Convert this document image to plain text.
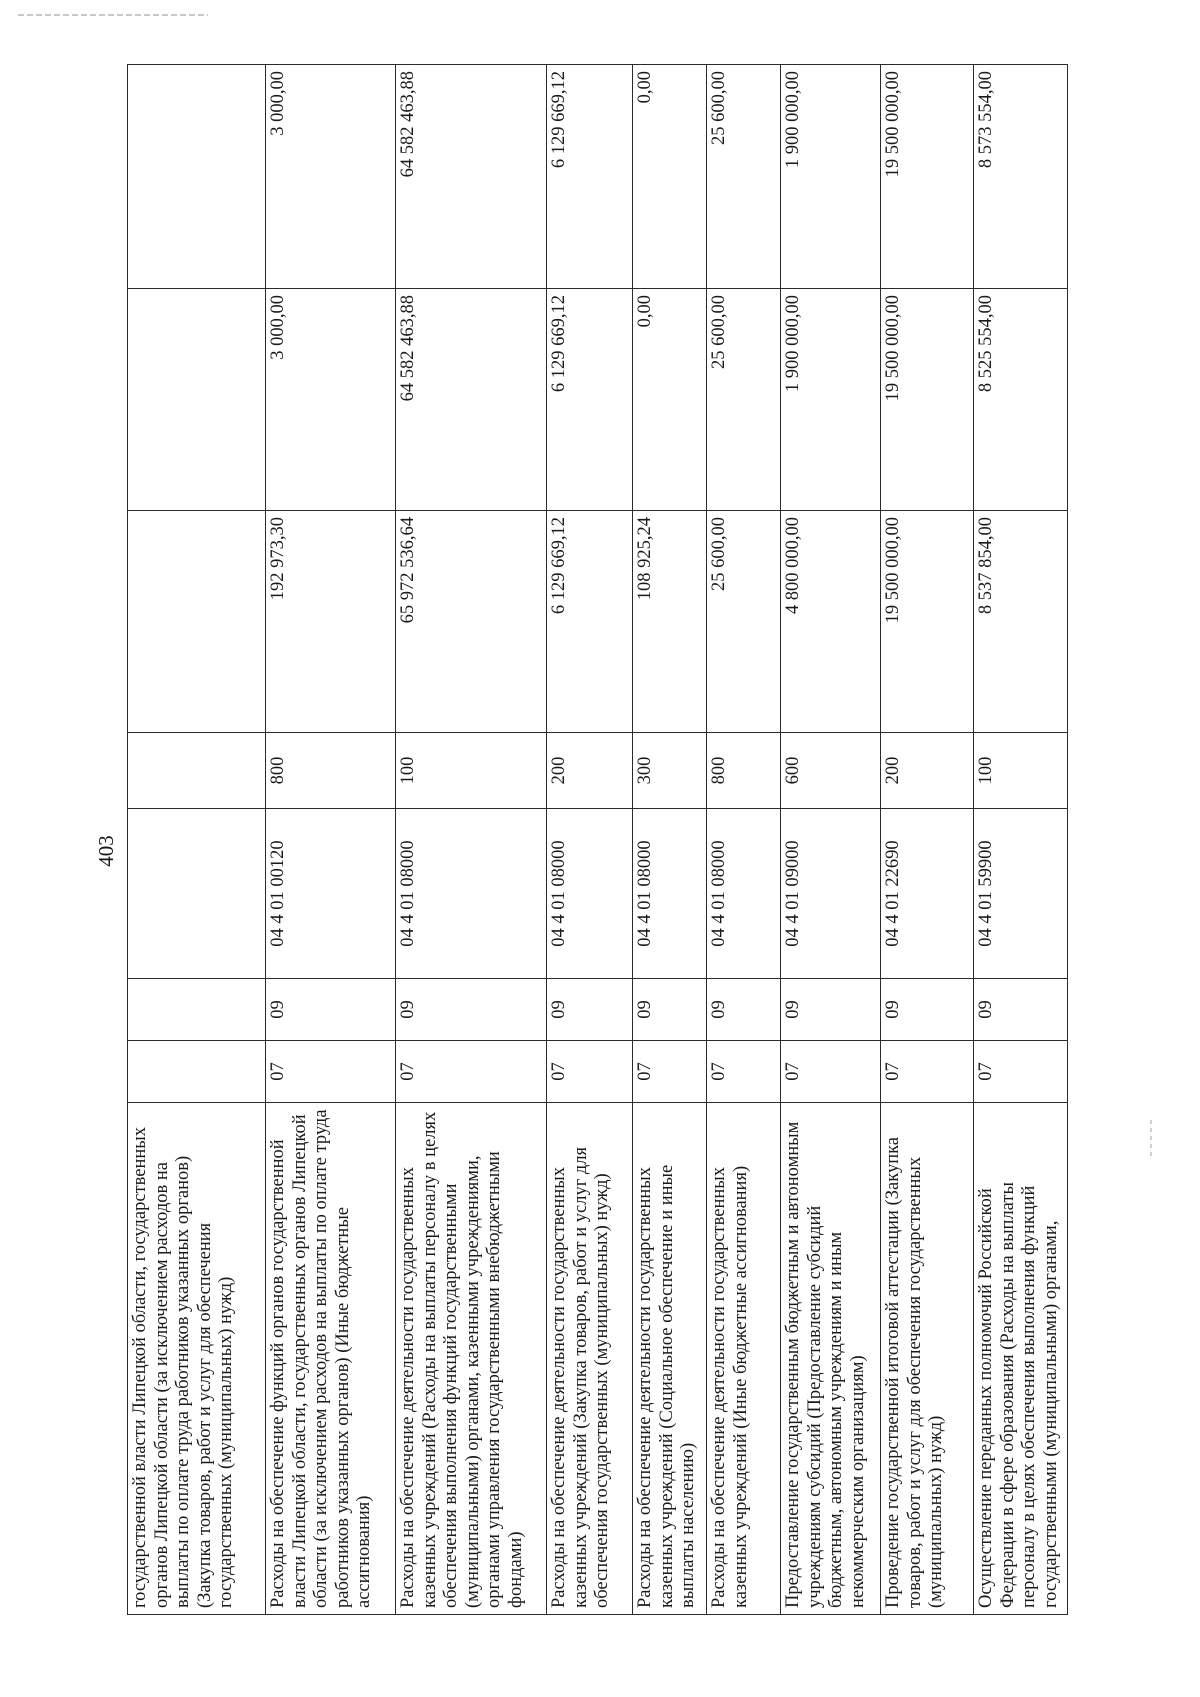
403
государственной власти Липецкой области, государственных органов Липецкой области (за исключением расходов на выплаты по оплате труда работников указанных органов) (Закупка товаров, работ и услуг для обеспечения государственных (муниципальных) нужд)							
Расходы на обеспечение функций органов государственной власти Липецкой области, государственных органов Липецкой области (за исключением расходов на выплаты по оплате труда работников указанных органов) (Иные бюджетные ассигнования)	07	09	04 4 01 00120	800	192 973,30	3 000,00	3 000,00
Расходы на обеспечение деятельности государственных казенных учреждений (Расходы на выплаты персоналу в целях обеспечения выполнения функций государственными (муниципальными) органами, казенными учреждениями, органами управления государственными внебюджетными фондами)	07	09	04 4 01 08000	100	65 972 536,64	64 582 463,88	64 582 463,88
Расходы на обеспечение деятельности государственных казенных учреждений (Закупка товаров, работ и услуг для обеспечения государственных (муниципальных) нужд)	07	09	04 4 01 08000	200	6 129 669,12	6 129 669,12	6 129 669,12
Расходы на обеспечение деятельности государственных казенных учреждений (Социальное обеспечение и иные выплаты населению)	07	09	04 4 01 08000	300	108 925,24	0,00	0,00
Расходы на обеспечение деятельности государственных казенных учреждений (Иные бюджетные ассигнования)	07	09	04 4 01 08000	800	25 600,00	25 600,00	25 600,00
Предоставление государственным бюджетным и автономным учреждениям субсидий (Предоставление субсидий бюджетным, автономным учреждениям и иным некоммерческим организациям)	07	09	04 4 01 09000	600	4 800 000,00	1 900 000,00	1 900 000,00
Проведение государственной итоговой аттестации (Закупка товаров, работ и услуг для обеспечения государственных (муниципальных) нужд)	07	09	04 4 01 22690	200	19 500 000,00	19 500 000,00	19 500 000,00
Осуществление переданных полномочий Российской Федерации в сфере образования (Расходы на выплаты персоналу в целях обеспечения выполнения функций государственными (муниципальными) органами,	07	09	04 4 01 59900	100	8 537 854,00	8 525 554,00	8 573 554,00
